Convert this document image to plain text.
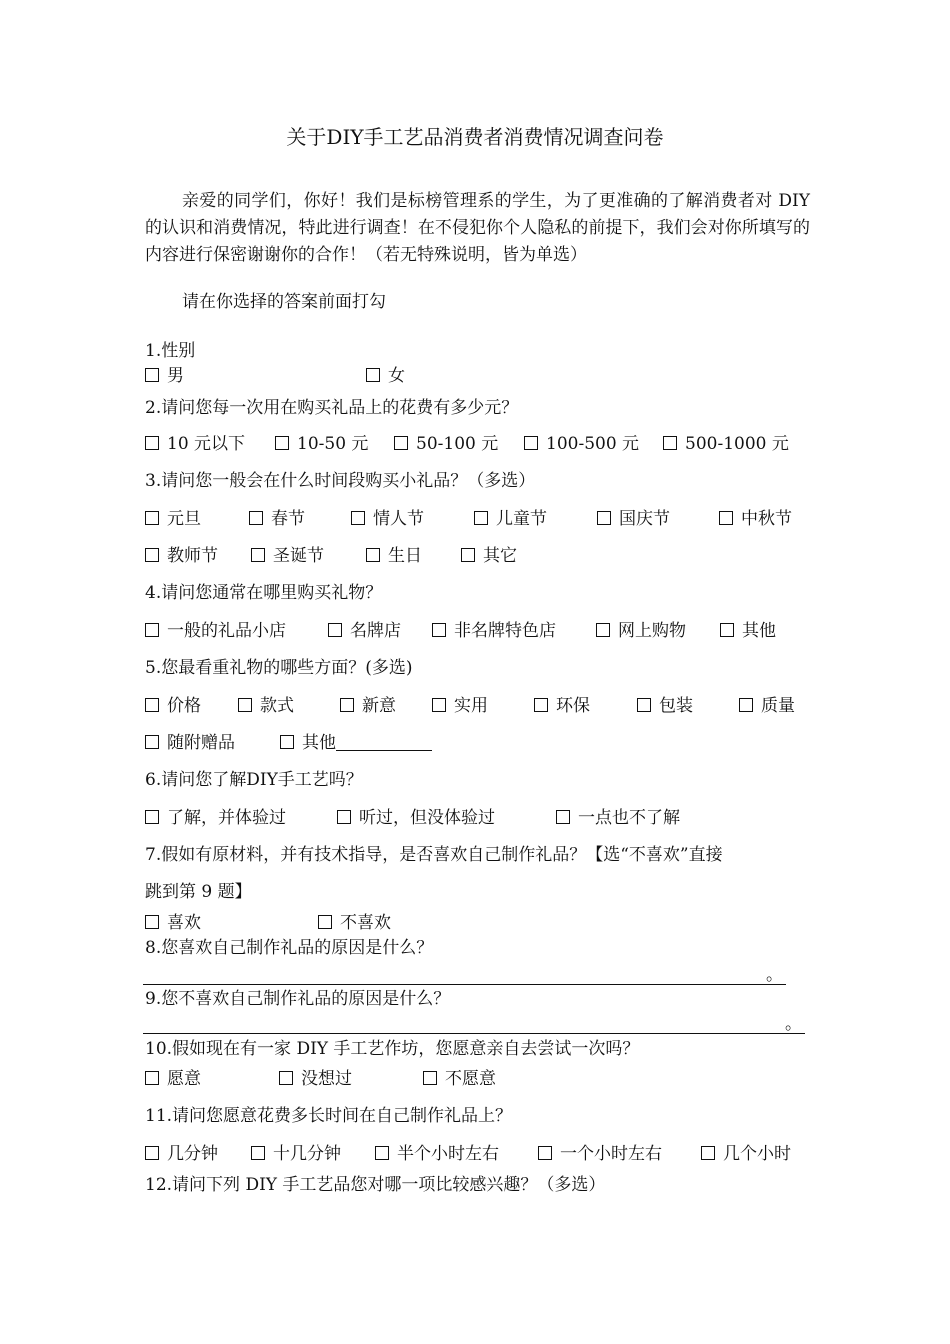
关于DIY手工艺品消费者消费情况调查问卷
亲爱的同学们，你好！我们是标榜管理系的学生，为了更准确的了解消费者对 DIY 的认识和消费情况，特此进行调查！在不侵犯你个人隐私的前提下，我们会对你所填写的内容进行保密谢谢你的合作！（若无特殊说明，皆为单选）
请在你选择的答案前面打勾
1.性别
男	女
2.请问您每一次用在购买礼品上的花费有多少元？
10 元以下	10-50 元	50-100 元	100-500 元	500-1000 元
3.请问您一般会在什么时间段购买小礼品？（多选）
元旦	春节	情人节	儿童节	国庆节	中秋节
教师节	圣诞节	生日	其它
4.请问您通常在哪里购买礼物？
一般的礼品小店	名牌店	非名牌特色店	网上购物	其他
5.您最看重礼物的哪些方面？(多选)
价格	款式	新意	实用	环保	包装	质量
随附赠品	其他
6.请问您了解DIY手工艺吗？
了解，并体验过	听过，但没体验过	一点也不了解
7.假如有原材料，并有技术指导，是否喜欢自己制作礼品？【选“不喜欢”直接
跳到第 9 题】
喜欢	不喜欢
8.您喜欢自己制作礼品的原因是什么？
。
9.您不喜欢自己制作礼品的原因是什么？
。
10.假如现在有一家 DIY 手工艺作坊，您愿意亲自去尝试一次吗？
愿意	没想过	不愿意
11.请问您愿意花费多长时间在自己制作礼品上？
几分钟	十几分钟	半个小时左右	一个小时左右	几个小时
12.请问下列 DIY 手工艺品您对哪一项比较感兴趣？（多选）
